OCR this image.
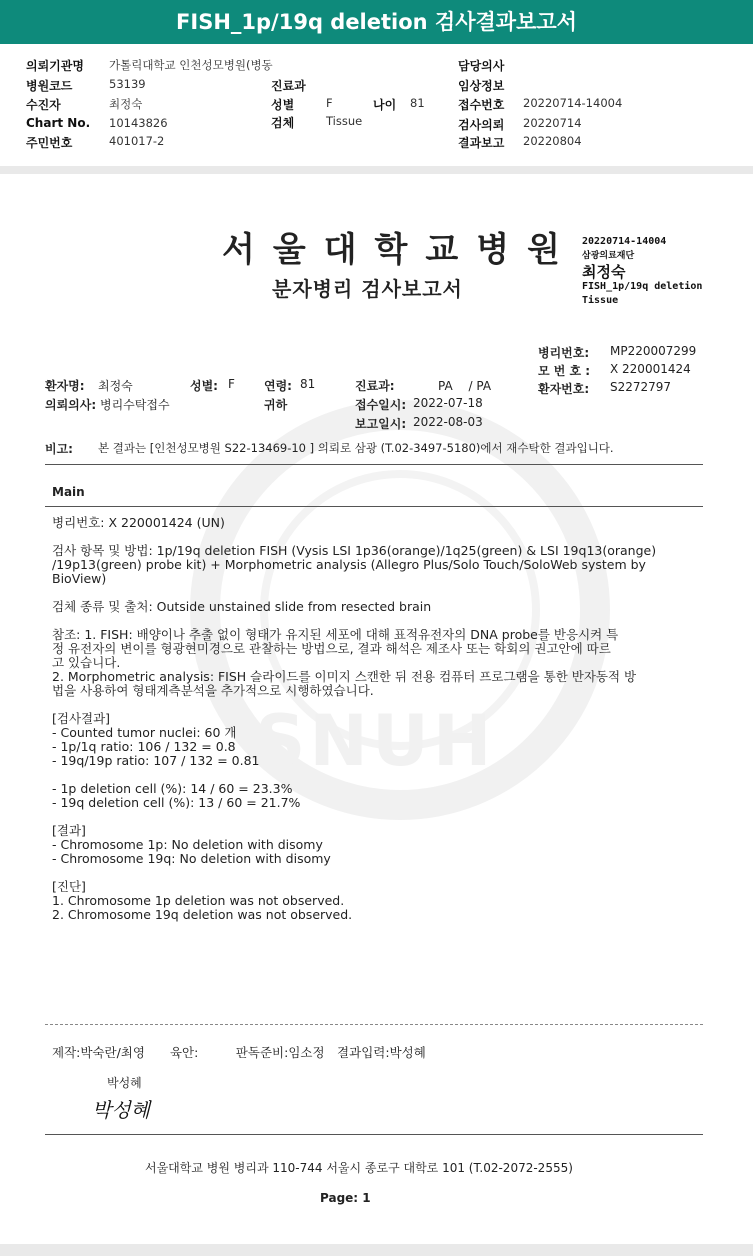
FISH_1p/19q deletion 검사결과보고서
의뢰기관명 가톨릭대학교 인천성모병원(병동
병원코드	53139
수진자	최정숙
Chart No. 10143826
주민번호	401017-2
진료과
성별	F	나이 81
검체	Tissue
담당의사
임상정보
접수번호 20220714-14004
검사의뢰 20220714
결과보고 20220804
SNUH
서울대학교병원
분자병리 검사보고서
20220714-14004
삼광의료재단
최정숙
FISH_1p/19q deletion
Tissue
병리번호: MP220007299
모 번 호 : X 220001424
환자번호: S2272797
환자명: 최정숙	성별: F 연령: 81	진료과:	PA　 / PA
의뢰의사: 병리수탁접수	귀하	접수일시: 2022-07-18
보고일시: 2022-08-03
비고: 본 결과는 [인천성모병원 S22-13469-10 ] 의뢰로 삼광 (T.02-3497-5180)에서 재수탁한 결과입니다.
Main

병리번호: X 220001424 (UN)

검사 항목 및 방법: 1p/19q deletion FISH (Vysis LSI 1p36(orange)/1q25(green) & LSI 19q13(orange)

/19p13(green) probe kit) + Morphometric analysis (Allegro Plus/Solo Touch/SoloWeb system by

BioView)

검체 종류 및 출처: Outside unstained slide from resected brain

참조: 1. FISH: 배양이나 추출 없이 형태가 유지된 세포에 대해 표적유전자의 DNA probe를 반응시켜 특

정 유전자의 변이를 형광현미경으로 관찰하는 방법으로, 결과 해석은 제조사 또는 학회의 권고안에 따르

고 있습니다.

2. Morphometric analysis: FISH 슬라이드를 이미지 스캔한 뒤 전용 컴퓨터 프로그램을 통한 반자동적 방

법을 사용하여 형태계측분석을 추가적으로 시행하였습니다.

[검사결과]

- Counted tumor nuclei: 60 개

- 1p/1q ratio: 106 / 132 = 0.8

- 19q/19p ratio: 107 / 132 = 0.81

- 1p deletion cell (%): 14 / 60 = 23.3%

- 19q deletion cell (%): 13 / 60 = 21.7%

[결과]

- Chromosome 1p: No deletion with disomy

- Chromosome 19q: No deletion with disomy

[진단]

1. Chromosome 1p deletion was not observed.

2. Chromosome 19q deletion was not observed.

제작:박숙란/최영　　육안:　　　판독준비:임소정　결과입력:박성혜
박성혜
박성혜
서울대학교 병원 병리과 110-744 서울시 종로구 대학로 101 (T.02-2072-2555)
Page: 1
